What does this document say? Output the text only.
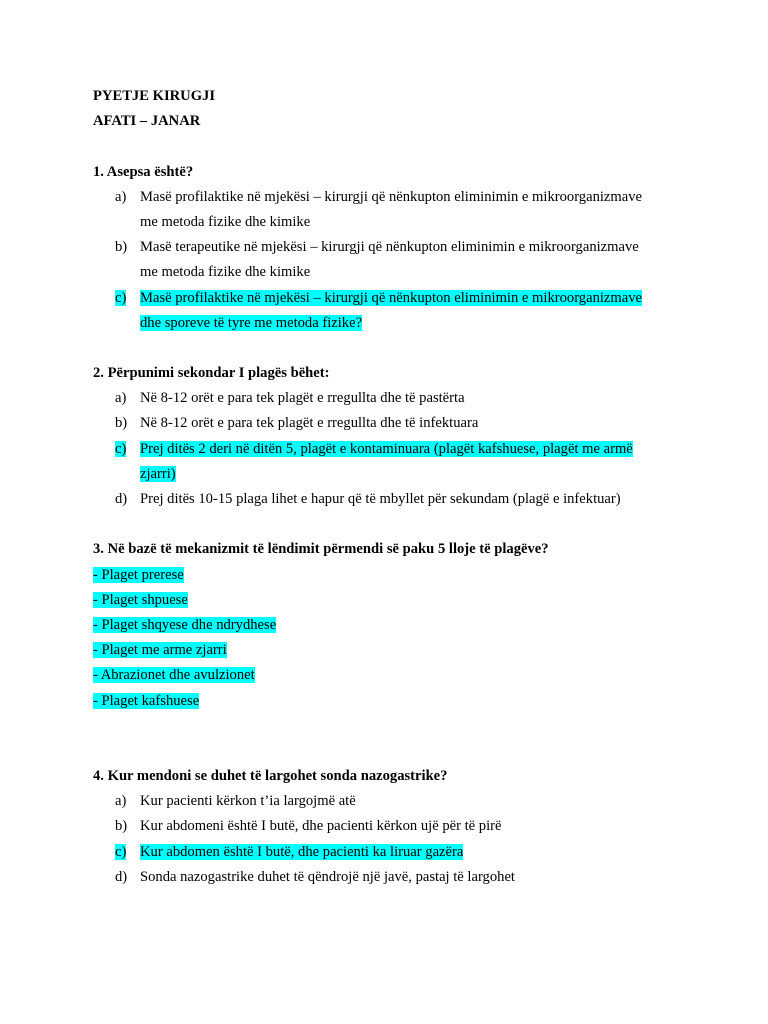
PYETJE KIRUGJI
AFATI – JANAR
1. Asepsa është?
a) Masë profilaktike në mjekësi – kirurgji që nënkupton eliminimin e mikroorganizmave
me metoda fizike dhe kimike
b) Masë terapeutike në mjekësi – kirurgji që nënkupton eliminimin e mikroorganizmave
me metoda fizike dhe kimike
c) Masë profilaktike në mjekësi – kirurgji që nënkupton eliminimin e mikroorganizmave
dhe sporeve të tyre me metoda fizike?
2. Përpunimi sekondar I plagës bëhet:
a) Në 8-12 orët e para tek plagët e rregullta dhe të pastërta
b) Në 8-12 orët e para tek plagët e rregullta dhe të infektuara
c) Prej ditës 2 deri në ditën 5, plagët e kontaminuara (plagët kafshuese, plagët me armë
zjarri)
d) Prej ditës 10-15 plaga lihet e hapur që të mbyllet për sekundam (plagë e infektuar)
3. Në bazë të mekanizmit të lëndimit përmendi së paku 5 lloje të plagëve?
- Plaget prerese
- Plaget shpuese
- Plaget shqyese dhe ndrydhese
- Plaget me arme zjarri
- Abrazionet dhe avulzionet
- Plaget kafshuese
4. Kur mendoni se duhet të largohet sonda nazogastrike?
a) Kur pacienti kërkon t’ia largojmë atë
b) Kur abdomeni është I butë, dhe pacienti kërkon ujë për të pirë
c) Kur abdomen është I butë, dhe pacienti ka liruar gazëra
d) Sonda nazogastrike duhet të qëndrojë një javë, pastaj të largohet
